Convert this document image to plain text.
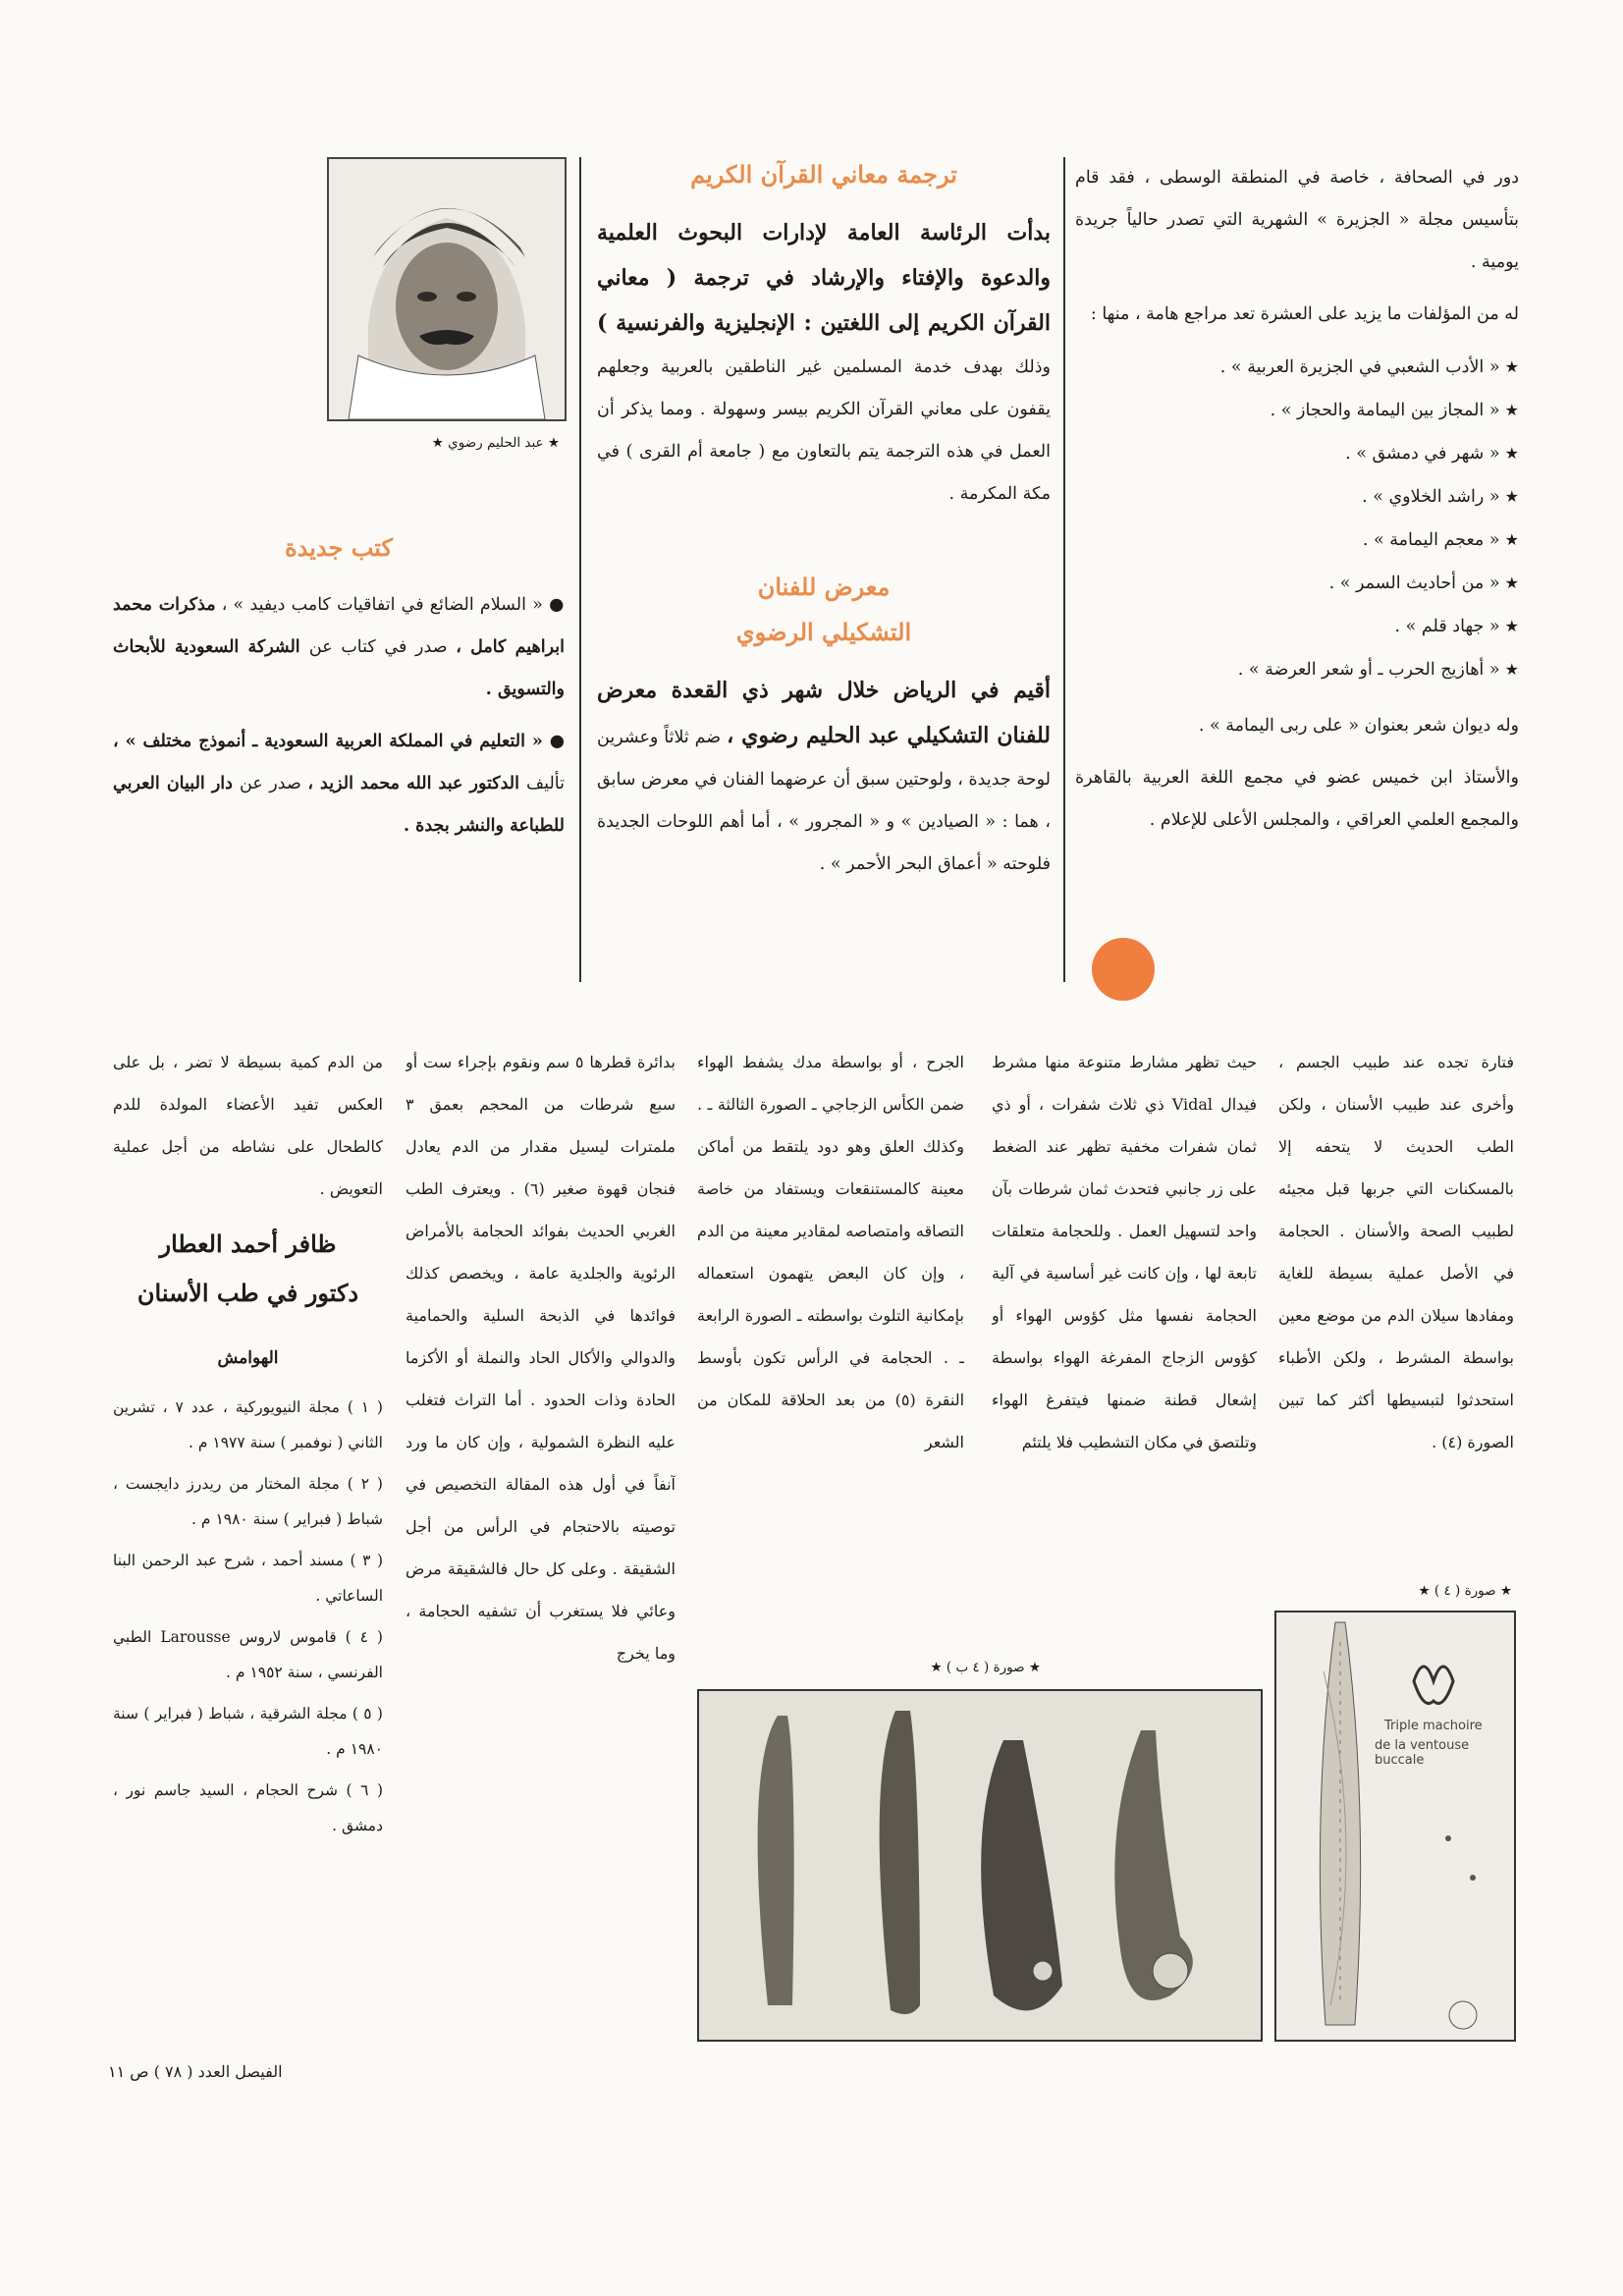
دور في الصحافة ، خاصة في المنطقة الوسطى ، فقد قام بتأسيس مجلة « الجزيرة » الشهرية التي تصدر حالياً جريدة يومية .

له من المؤلفات ما يزيد على العشرة تعد مراجع هامة ، منها :

★ « الأدب الشعبي في الجزيرة العربية » .
★ « المجاز بين اليمامة والحجاز » .
★ « شهر في دمشق » .
★ « راشد الخلاوي » .
★ « معجم اليمامة » .
★ « من أحاديث السمر » .
★ « جهاد قلم » .
★ « أهازيج الحرب ـ أو شعر العرضة » .

وله ديوان شعر بعنوان « على ربى اليمامة » .

والأستاذ ابن خميس عضو في مجمع اللغة العربية بالقاهرة والمجمع العلمي العراقي ، والمجلس الأعلى للإعلام .

ترجمة معاني القرآن الكريم

بدأت الرئاسة العامة لإدارات البحوث العلمية والدعوة والإفتاء والإرشاد في ترجمة ( معاني القرآن الكريم إلى اللغتين : الإنجليزية والفرنسية ) وذلك بهدف خدمة المسلمين غير الناطقين بالعربية وجعلهم يقفون على معاني القرآن الكريم بيسر وسهولة . ومما يذكر أن العمل في هذه الترجمة يتم بالتعاون مع ( جامعة أم القرى ) في مكة المكرمة .

معرض للفنان
التشكيلي الرضوي

أقيم في الرياض خلال شهر ذي القعدة معرض للفنان التشكيلي عبد الحليم رضوي ، ضم ثلاثاً وعشرين لوحة جديدة ، ولوحتين سبق أن عرضهما الفنان في معرض سابق ، هما : « الصيادين » و « المجرور » ، أما أهم اللوحات الجديدة فلوحته « أعماق البحر الأحمر » .

★ عبد الحليم رضوي ★
كتب جديدة

● « السلام الضائع في اتفاقيات كامب ديفيد » ، مذكرات محمد ابراهيم كامل ، صدر في كتاب عن الشركة السعودية للأبحاث والتسويق .

● « التعليم في المملكة العربية السعودية ـ أنموذج مختلف » ، تأليف الدكتور عبد الله محمد الزيد ، صدر عن دار البيان العربي للطباعة والنشر بجدة .

فتارة تجده عند طبيب الجسم ، وأخرى عند طبيب الأسنان ، ولكن الطب الحديث لا يتحفه إلا بالمسكنات التي جربها قبل مجيئه لطبيب الصحة والأسنان . الحجامة في الأصل عملية بسيطة للغاية ومفادها سيلان الدم من موضع معين بواسطة المشرط ، ولكن الأطباء استحدثوا لتبسيطها أكثر كما تبين الصورة (٤) .

★ صورة ( ٤ ) ★

حيث تظهر مشارط متنوعة منها مشرط فيدال Vidal ذي ثلاث شفرات ، أو ذي ثمان شفرات مخفية تظهر عند الضغط على زر جانبي فتحدث ثمان شرطات بآن واحد لتسهيل العمل . وللحجامة متعلقات تابعة لها ، وإن كانت غير أساسية في آلية الحجامة نفسها مثل كؤوس الهواء أو كؤوس الزجاج المفرغة الهواء بواسطة إشعال قطنة ضمنها فيتفرغ الهواء وتلتصق في مكان التشطيب فلا يلتئم

الجرح ، أو بواسطة مدك يشفط الهواء ضمن الكأس الزجاجي ـ الصورة الثالثة ـ . وكذلك العلق وهو دود يلتقط من أماكن معينة كالمستنقعات ويستفاد من خاصة التصاقه وامتصاصه لمقادير معينة من الدم ، وإن كان البعض يتهمون استعماله بإمكانية التلوث بواسطته ـ الصورة الرابعة ـ . الحجامة في الرأس تكون بأوسط النقرة (٥) من بعد الحلاقة للمكان من الشعر

★ صورة ( ٤ ب ) ★

بدائرة قطرها ٥ سم ونقوم بإجراء ست أو سبع شرطات من المحجم بعمق ٣ ملمترات ليسيل مقدار من الدم يعادل فنجان قهوة صغير (٦) . ويعترف الطب الغربي الحديث بفوائد الحجامة بالأمراض الرئوية والجلدية عامة ، ويخصص كذلك فوائدها في الذبحة السلية والحمامية والدوالي والأكال الحاد والنملة أو الأكزما الحادة وذات الحدود . أما التراث فتغلب عليه النظرة الشمولية ، وإن كان ما ورد آنفاً في أول هذه المقالة التخصيص في توصيته بالاحتجام في الرأس من أجل الشقيقة . وعلى كل حال فالشقيقة مرض وعائي فلا يستغرب أن تشفيه الحجامة ، وما يخرج

من الدم كمية بسيطة لا تضر ، بل على العكس تفيد الأعضاء المولدة للدم كالطحال على نشاطه من أجل عملية التعويض .

ظافر أحمد العطار
دكتور في طب الأسنان
الهوامش

( ١ ) مجلة النيويوركية ، عدد ٧ ، تشرين الثاني ( نوفمبر ) سنة ١٩٧٧ م .

( ٢ ) مجلة المختار من ريدرز دايجست ، شباط ( فبراير ) سنة ١٩٨٠ م .

( ٣ ) مسند أحمد ، شرح عبد الرحمن البنا الساعاتي .

( ٤ ) قاموس لاروس Larousse الطبي الفرنسي ، سنة ١٩٥٢ م .

( ٥ ) مجلة الشرقية ، شباط ( فبراير ) سنة ١٩٨٠ م .

( ٦ ) شرح الحجام ، السيد جاسم نور ، دمشق .

Triple machoire
de la ventouse buccale
الفيصل العدد ( ٧٨ ) ص ١١
